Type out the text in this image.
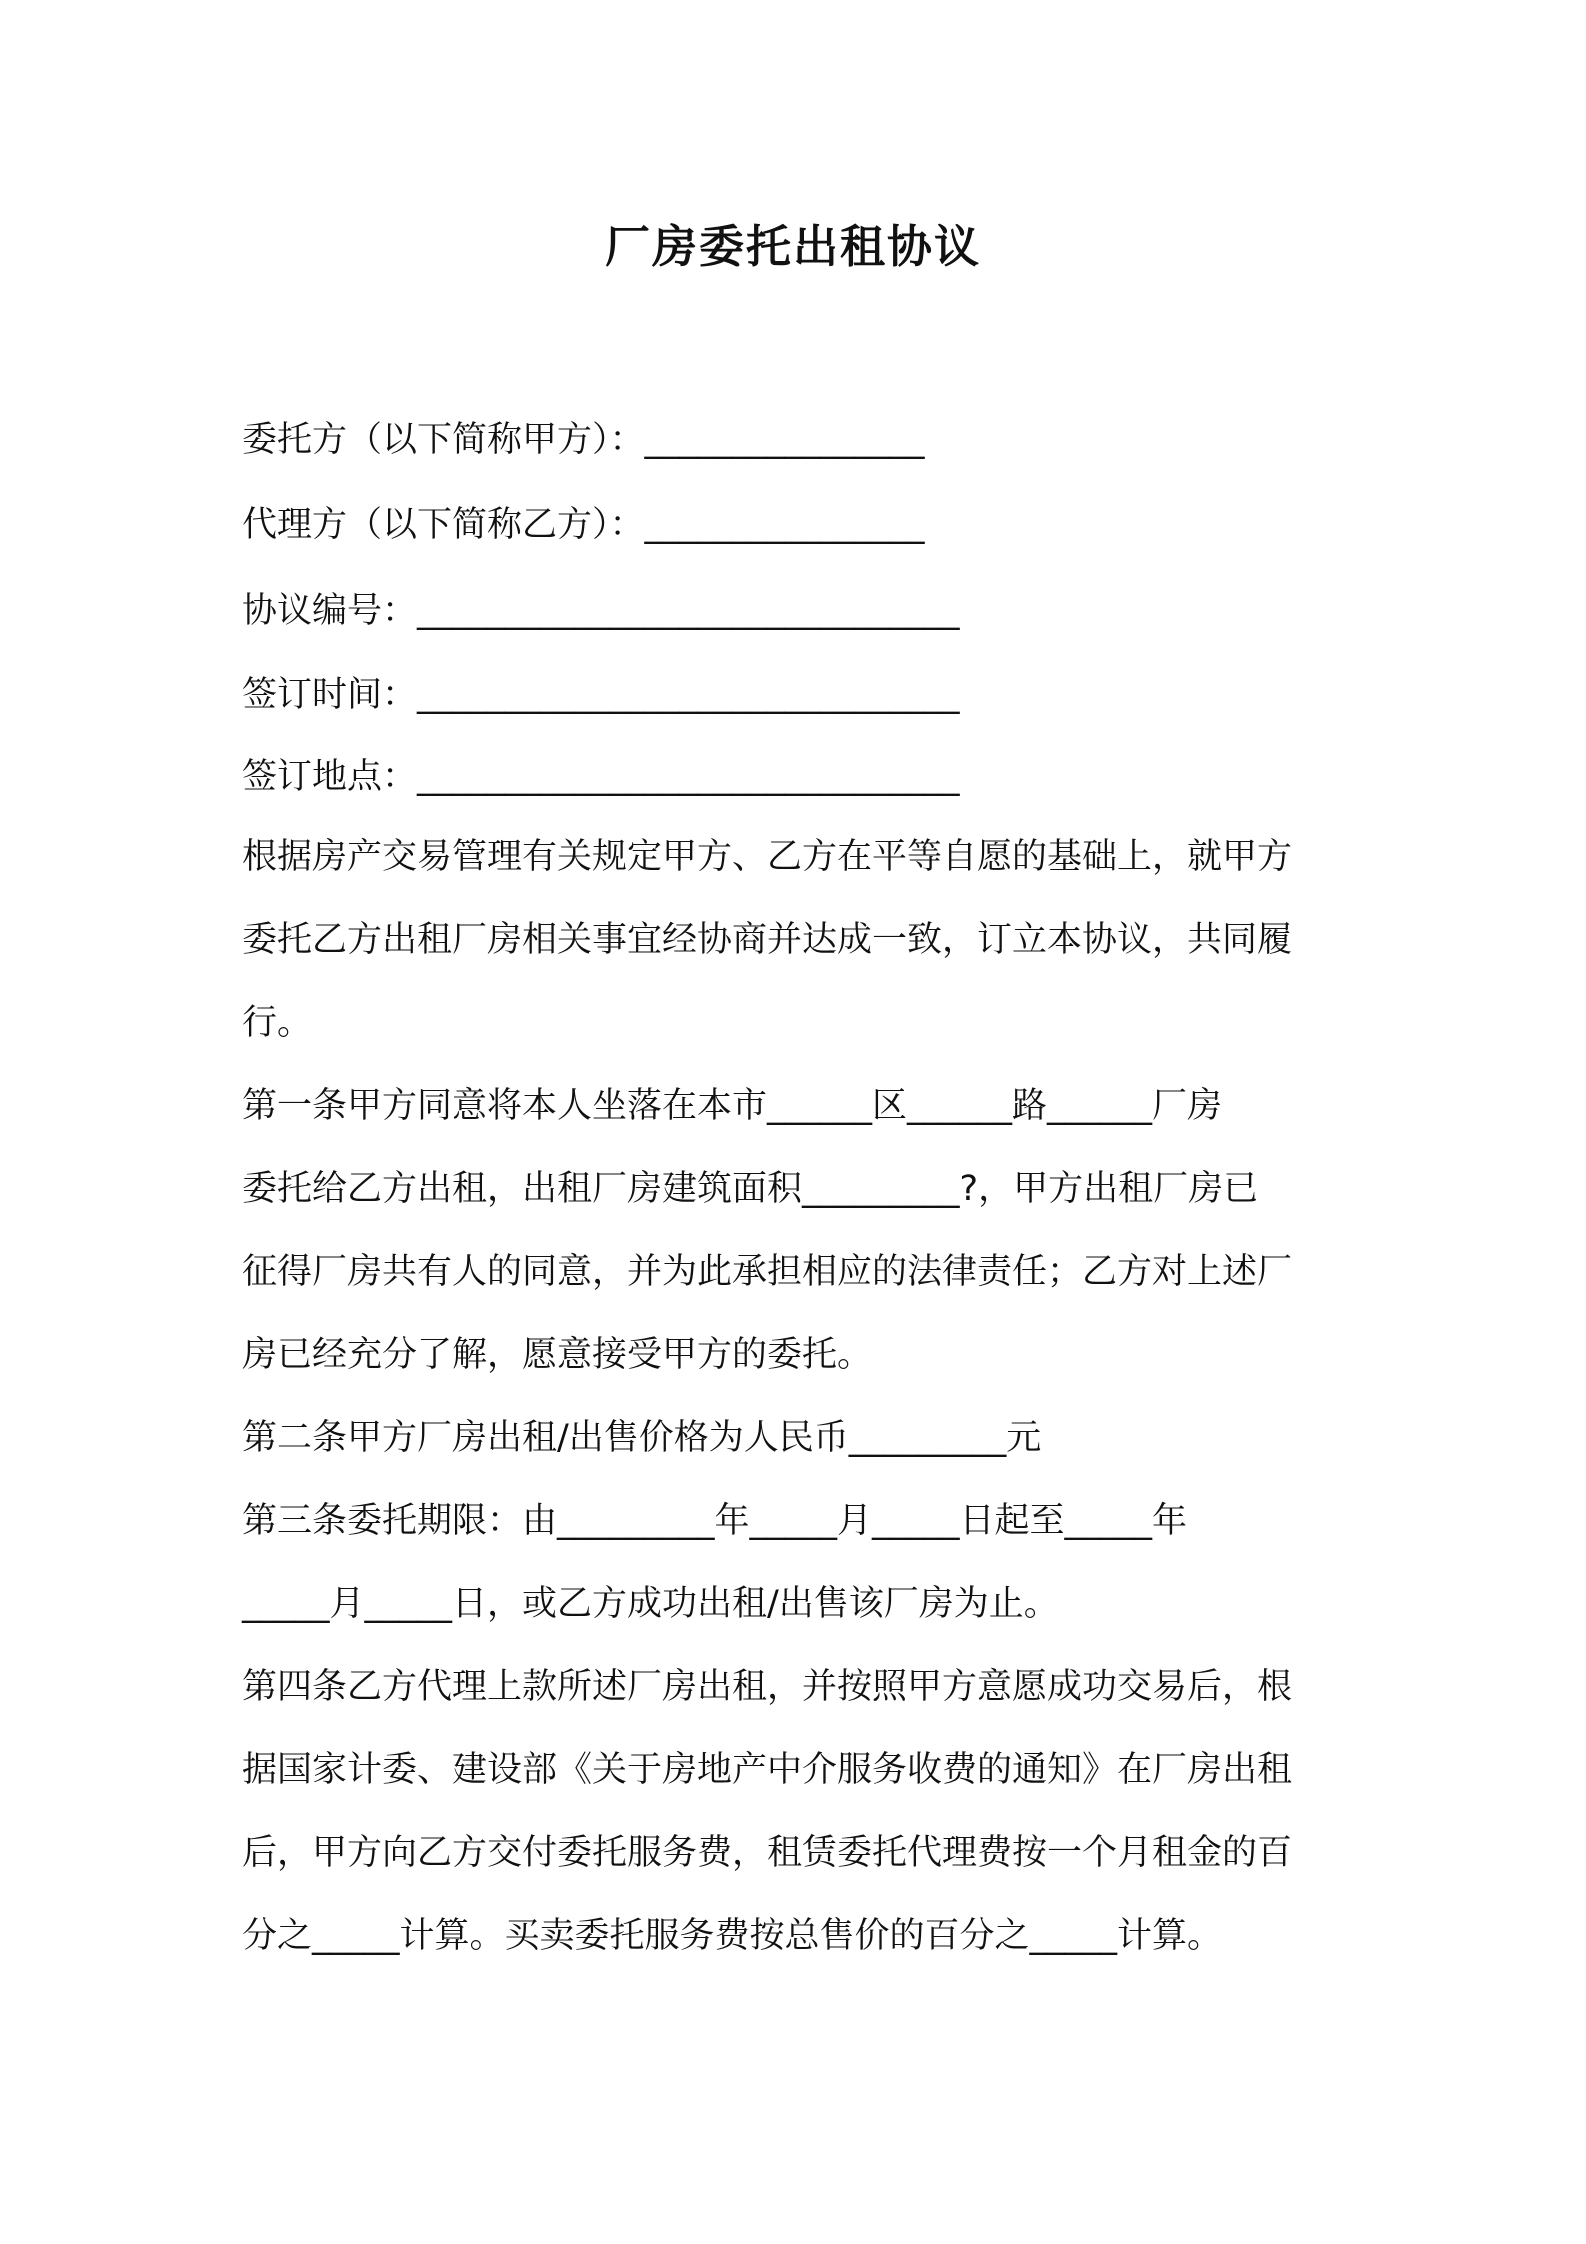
厂房委托出租协议
委托方（以下简称甲方）：________________
代理方（以下简称乙方）：________________
协议编号：_______________________________
签订时间：_______________________________
签订地点：_______________________________
根据房产交易管理有关规定甲方、乙方在平等自愿的基础上，就甲方
委托乙方出租厂房相关事宜经协商并达成一致，订立本协议，共同履
行。
第一条甲方同意将本人坐落在本市______区______路______厂房
委托给乙方出租，出租厂房建筑面积_________?，甲方出租厂房已
征得厂房共有人的同意，并为此承担相应的法律责任；乙方对上述厂
房已经充分了解，愿意接受甲方的委托。
第二条甲方厂房出租/出售价格为人民币_________元
第三条委托期限：由_________年_____月_____日起至_____年
_____月_____日，或乙方成功出租/出售该厂房为止。
第四条乙方代理上款所述厂房出租，并按照甲方意愿成功交易后，根
据国家计委、建设部《关于房地产中介服务收费的通知》在厂房出租
后，甲方向乙方交付委托服务费，租赁委托代理费按一个月租金的百
分之_____计算。买卖委托服务费按总售价的百分之_____计算。
